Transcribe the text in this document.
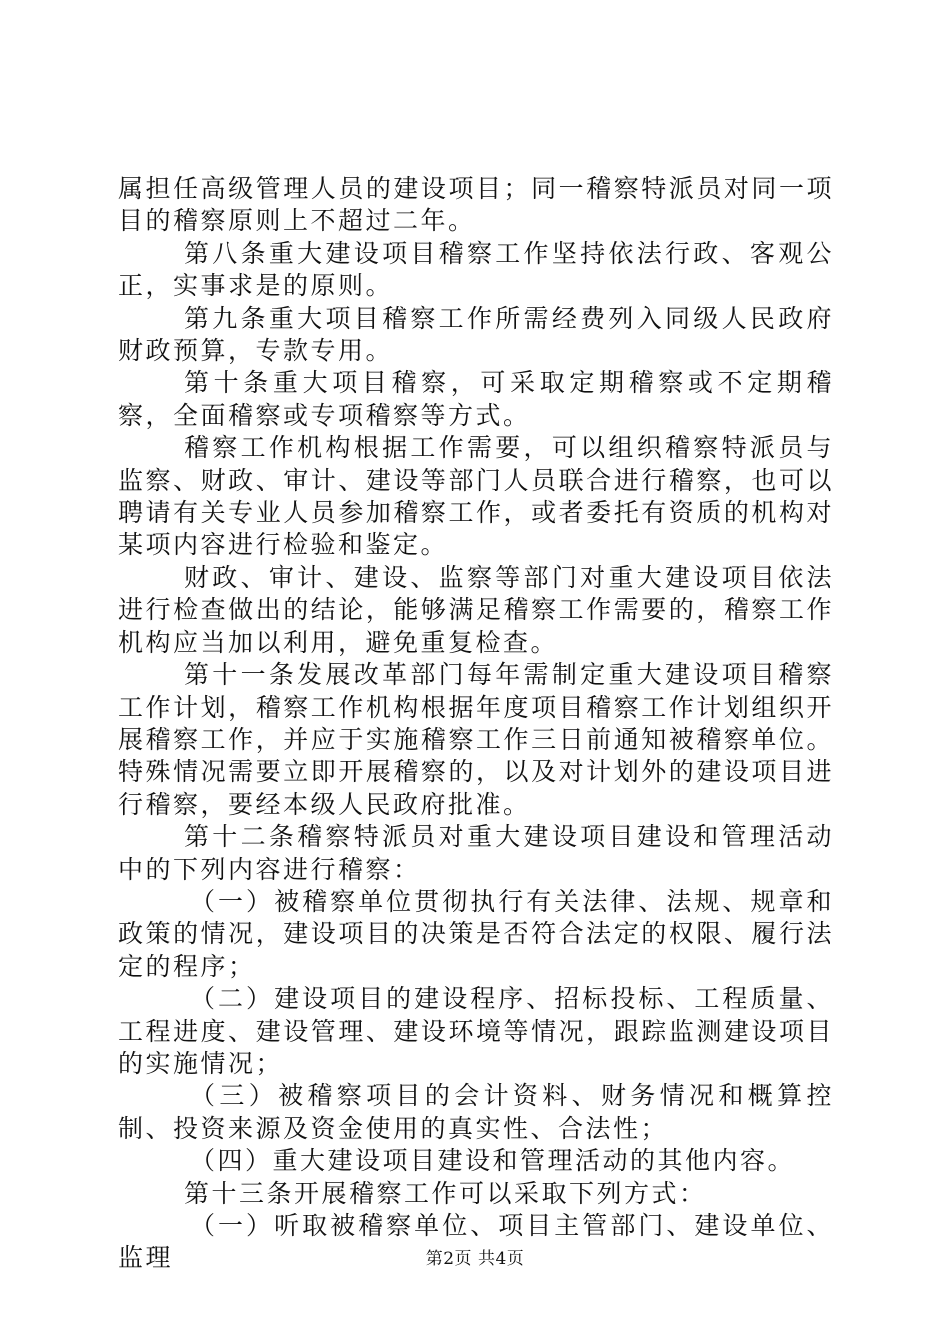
属担任高级管理人员的建设项目；同一稽察特派员对同一项目的稽察原则上不超过二年。

第八条重大建设项目稽察工作坚持依法行政、客观公正，实事求是的原则。

第九条重大项目稽察工作所需经费列入同级人民政府财政预算，专款专用。

第十条重大项目稽察，可采取定期稽察或不定期稽察，全面稽察或专项稽察等方式。

稽察工作机构根据工作需要，可以组织稽察特派员与监察、财政、审计、建设等部门人员联合进行稽察，也可以聘请有关专业人员参加稽察工作，或者委托有资质的机构对某项内容进行检验和鉴定。

财政、审计、建设、监察等部门对重大建设项目依法进行检查做出的结论，能够满足稽察工作需要的，稽察工作机构应当加以利用，避免重复检查。

第十一条发展改革部门每年需制定重大建设项目稽察工作计划，稽察工作机构根据年度项目稽察工作计划组织开展稽察工作，并应于实施稽察工作三日前通知被稽察单位。特殊情况需要立即开展稽察的，以及对计划外的建设项目进行稽察，要经本级人民政府批准。

第十二条稽察特派员对重大建设项目建设和管理活动中的下列内容进行稽察：

（一）被稽察单位贯彻执行有关法律、法规、规章和政策的情况，建设项目的决策是否符合法定的权限、履行法定的程序；

（二）建设项目的建设程序、招标投标、工程质量、工程进度、建设管理、建设环境等情况，跟踪监测建设项目的实施情况；

（三）被稽察项目的会计资料、财务情况和概算控制、投资来源及资金使用的真实性、合法性；

（四）重大建设项目建设和管理活动的其他内容。

第十三条开展稽察工作可以采取下列方式：

（一）听取被稽察单位、项目主管部门、建设单位、监理	第2页 共4页
